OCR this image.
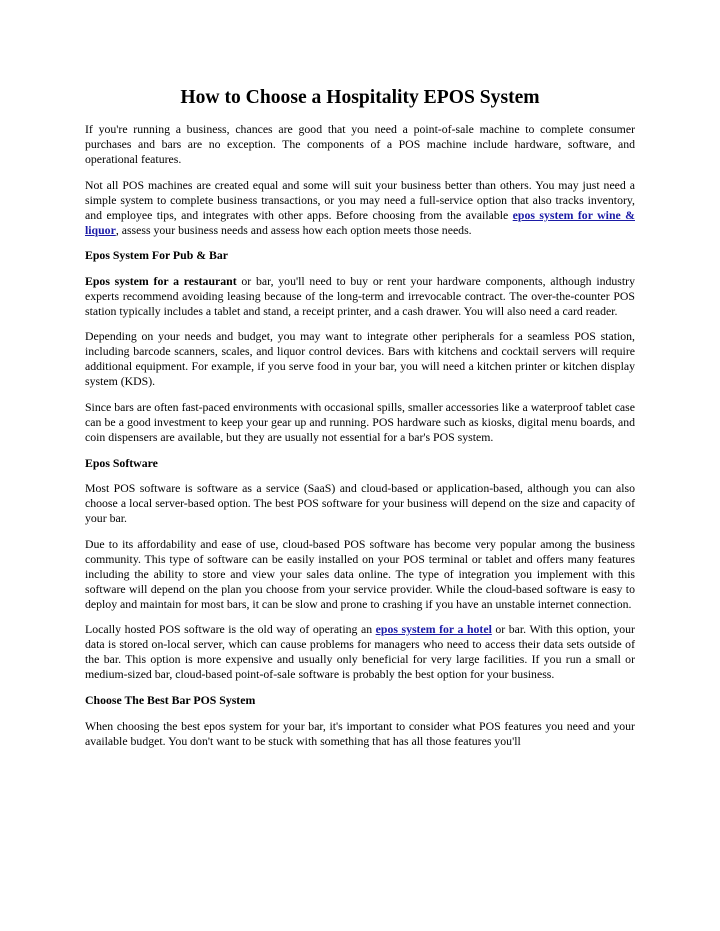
How to Choose a Hospitality EPOS System

If you're running a business, chances are good that you need a point-of-sale machine to complete consumer purchases and bars are no exception. The components of a POS machine include hardware, software, and operational features.

Not all POS machines are created equal and some will suit your business better than others. You may just need a simple system to complete business transactions, or you may need a full-service option that also tracks inventory, and employee tips, and integrates with other apps. Before choosing from the available epos system for wine & liquor, assess your business needs and assess how each option meets those needs.

Epos System For Pub & Bar

Epos system for a restaurant or bar, you'll need to buy or rent your hardware components, although industry experts recommend avoiding leasing because of the long-term and irrevocable contract. The over-the-counter POS station typically includes a tablet and stand, a receipt printer, and a cash drawer. You will also need a card reader.

Depending on your needs and budget, you may want to integrate other peripherals for a seamless POS station, including barcode scanners, scales, and liquor control devices. Bars with kitchens and cocktail servers will require additional equipment. For example, if you serve food in your bar, you will need a kitchen printer or kitchen display system (KDS).

Since bars are often fast-paced environments with occasional spills, smaller accessories like a waterproof tablet case can be a good investment to keep your gear up and running. POS hardware such as kiosks, digital menu boards, and coin dispensers are available, but they are usually not essential for a bar's POS system.

Epos Software

Most POS software is software as a service (SaaS) and cloud-based or application-based, although you can also choose a local server-based option. The best POS software for your business will depend on the size and capacity of your bar.

Due to its affordability and ease of use, cloud-based POS software has become very popular among the business community. This type of software can be easily installed on your POS terminal or tablet and offers many features including the ability to store and view your sales data online. The type of integration you implement with this software will depend on the plan you choose from your service provider. While the cloud-based software is easy to deploy and maintain for most bars, it can be slow and prone to crashing if you have an unstable internet connection.

Locally hosted POS software is the old way of operating an epos system for a hotel or bar. With this option, your data is stored on-local server, which can cause problems for managers who need to access their data sets outside of the bar. This option is more expensive and usually only beneficial for very large facilities. If you run a small or medium-sized bar, cloud-based point-of-sale software is probably the best option for your business.

Choose The Best Bar POS System

When choosing the best epos system for your bar, it's important to consider what POS features you need and your available budget. You don't want to be stuck with something that has all those features you'll
